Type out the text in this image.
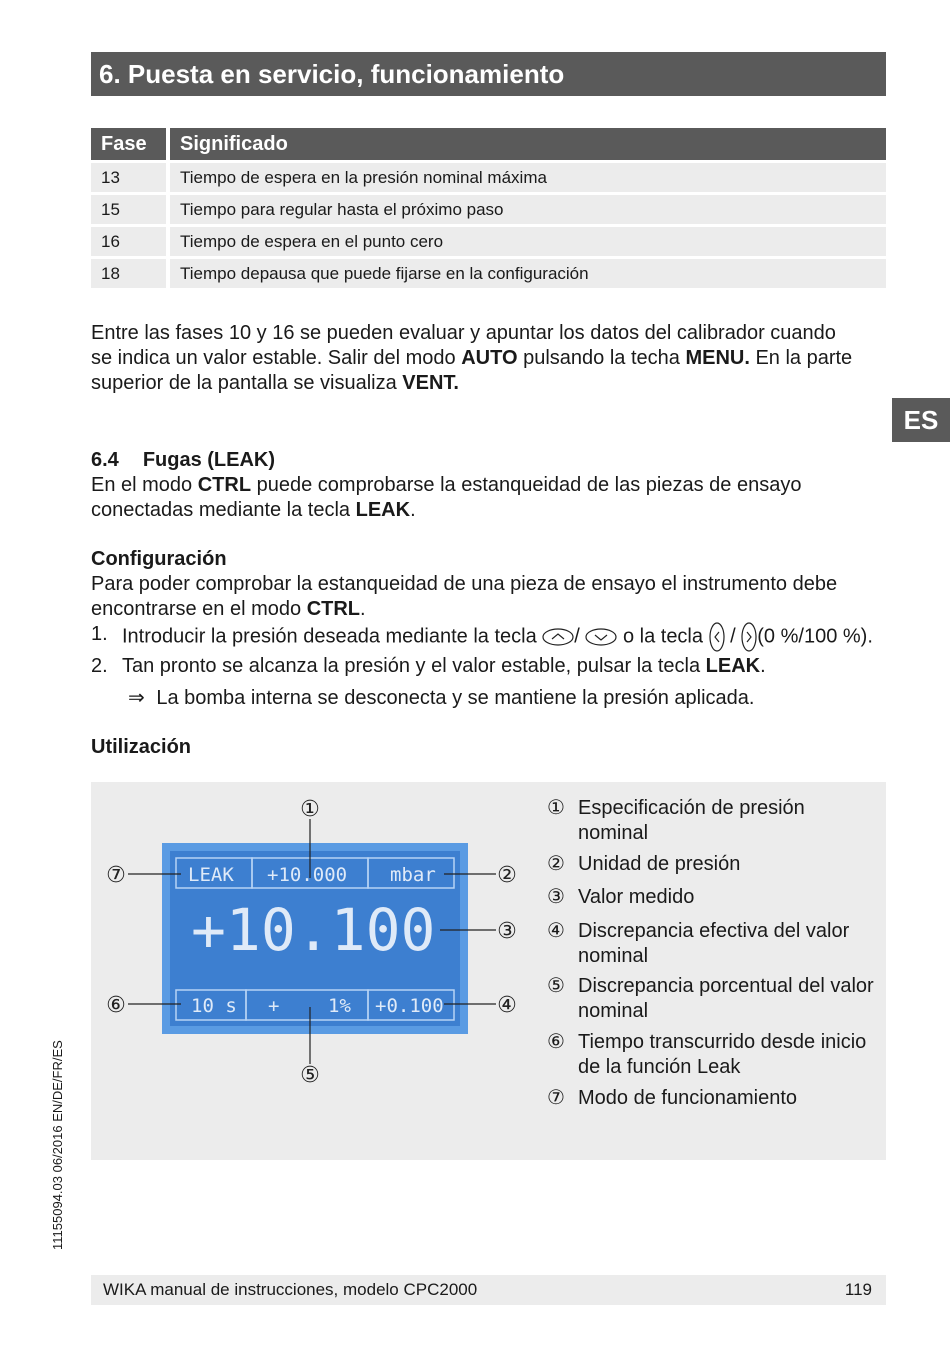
6. Puesta en servicio, funcionamiento
Fase	Significado
13	Tiempo de espera en la presión nominal máxima
15	Tiempo para regular hasta el próximo paso
16	Tiempo de espera en el punto cero
18	Tiempo depausa que puede fijarse en la configuración
Entre las fases 10 y 16 se pueden evaluar y apuntar los datos del calibrador cuando
se indica un valor estable. Salir del modo AUTO pulsando la techa MENU. En la parte
superior de la pantalla se visualiza VENT.
ES
6.4 Fugas (LEAK)
En el modo CTRL puede comprobarse la estanqueidad de las piezas de ensayo
conectadas mediante la tecla LEAK.
Configuración
Para poder comprobar la estanqueidad de una pieza de ensayo el instrumento debe
encontrarse en el modo CTRL.
1. Introducir la presión deseada mediante la tecla / o la tecla / (0 %/100 %).
2. Tan pronto se alcanza la presión y el valor estable, pulsar la tecla LEAK.
⇒ La bomba interna se desconecta y se mantiene la presión aplicada.
Utilización
LEAK +10.000 mbar
+10.100
10 s +	1% +0.100
①
②
③
④
⑤
⑥
⑦
① Especificación de presión
nominal
② Unidad de presión
③ Valor medido
④ Discrepancia efectiva del valor
nominal
⑤ Discrepancia porcentual del valor
nominal
⑥ Tiempo transcurrido desde inicio
de la función Leak
⑦ Modo de funcionamiento
11155094.03 06/2016 EN/DE/FR/ES
WIKA manual de instrucciones, modelo CPC2000	119
